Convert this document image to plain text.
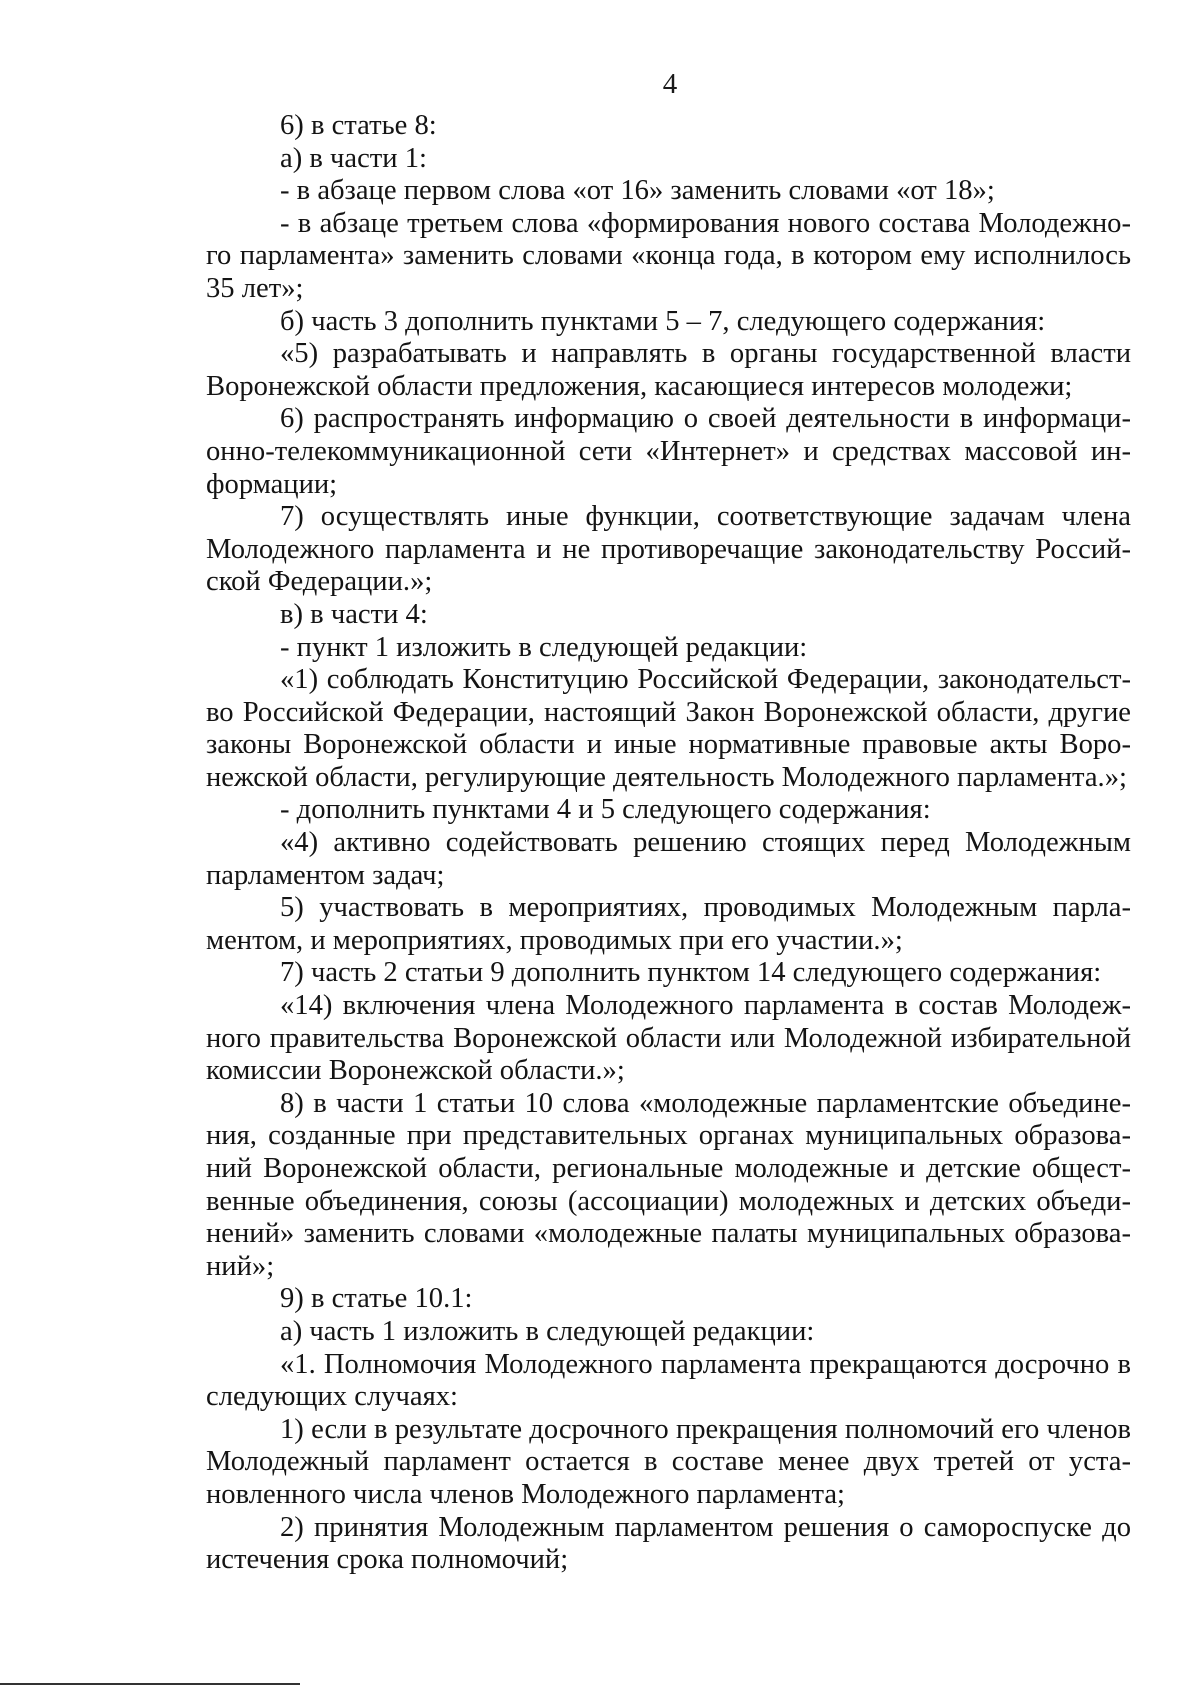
4

6) в статье 8:

а) в части 1:

- в абзаце первом слова «от 16» заменить словами «от 18»;

- в абзаце третьем слова «формирования нового состава Молодежного парламента» заменить словами «конца года, в котором ему исполнилось 35 лет»;

б) часть 3 дополнить пунктами 5 – 7, следующего содержания:

«5) разрабатывать и направлять в органы государственной власти Воронежской области предложения, касающиеся интересов молодежи;

6) распространять информацию о своей деятельности в информационно-телекоммуникационной сети «Интернет» и средствах массовой информации;

7) осуществлять иные функции, соответствующие задачам члена Молодежного парламента и не противоречащие законодательству Российской Федерации.»;

в) в части 4:

- пункт 1 изложить в следующей редакции:

«1) соблюдать Конституцию Российской Федерации, законодательство Российской Федерации, настоящий Закон Воронежской области, другие законы Воронежской области и иные нормативные правовые акты Воронежской области, регулирующие деятельность Молодежного парламента.»;

- дополнить пунктами 4 и 5 следующего содержания:

«4) активно содействовать решению стоящих перед Молодежным парламентом задач;

5) участвовать в мероприятиях, проводимых Молодежным парламентом, и мероприятиях, проводимых при его участии.»;

7) часть 2 статьи 9 дополнить пунктом 14 следующего содержания:

«14) включения члена Молодежного парламента в состав Молодежного правительства Воронежской области или Молодежной избирательной комиссии Воронежской области.»;

8) в части 1 статьи 10 слова «молодежные парламентские объединения, созданные при представительных органах муниципальных образований Воронежской области, региональные молодежные и детские общественные объединения, союзы (ассоциации) молодежных и детских объединений» заменить словами «молодежные палаты муниципальных образований»;

9) в статье 10.1:

а) часть 1 изложить в следующей редакции:

«1. Полномочия Молодежного парламента прекращаются досрочно в следующих случаях:

1) если в результате досрочного прекращения полномочий его членов Молодежный парламент остается в составе менее двух третей от установленного числа членов Молодежного парламента;

2) принятия Молодежным парламентом решения о самороспуске до истечения срока полномочий;
